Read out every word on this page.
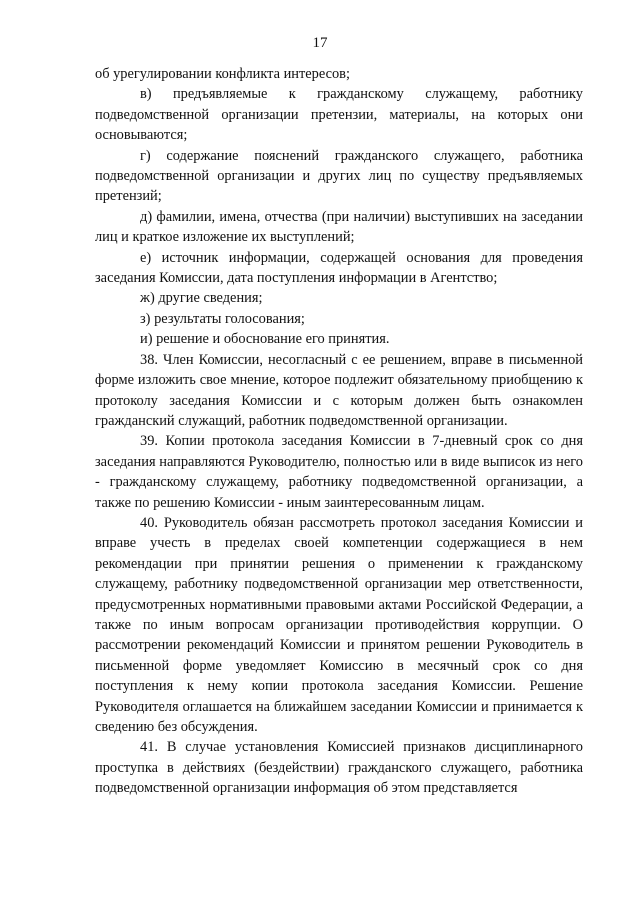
17

об урегулировании конфликта интересов;

в) предъявляемые к гражданскому служащему, работнику подведомственной организации претензии, материалы, на которых они основываются;

г) содержание пояснений гражданского служащего, работника подведомственной организации и других лиц по существу предъявляемых претензий;

д) фамилии, имена, отчества (при наличии) выступивших на заседании лиц и краткое изложение их выступлений;

е) источник информации, содержащей основания для проведения заседания Комиссии, дата поступления информации в Агентство;

ж) другие сведения;

з) результаты голосования;

и) решение и обоснование его принятия.

38. Член Комиссии, несогласный с ее решением, вправе в письменной форме изложить свое мнение, которое подлежит обязательному приобщению к протоколу заседания Комиссии и с которым должен быть ознакомлен гражданский служащий, работник подведомственной организации.

39. Копии протокола заседания Комиссии в 7-дневный срок со дня заседания направляются Руководителю, полностью или в виде выписок из него - гражданскому служащему, работнику подведомственной организации, а также по решению Комиссии - иным заинтересованным лицам.

40. Руководитель обязан рассмотреть протокол заседания Комиссии и вправе учесть в пределах своей компетенции содержащиеся в нем рекомендации при принятии решения о применении к гражданскому служащему, работнику подведомственной организации мер ответственности, предусмотренных нормативными правовыми актами Российской Федерации, а также по иным вопросам организации противодействия коррупции. О рассмотрении рекомендаций Комиссии и принятом решении Руководитель в письменной форме уведомляет Комиссию в месячный срок со дня поступления к нему копии протокола заседания Комиссии. Решение Руководителя оглашается на ближайшем заседании Комиссии и принимается к сведению без обсуждения.

41. В случае установления Комиссией признаков дисциплинарного проступка в действиях (бездействии) гражданского служащего, работника подведомственной организации информация об этом представляется
